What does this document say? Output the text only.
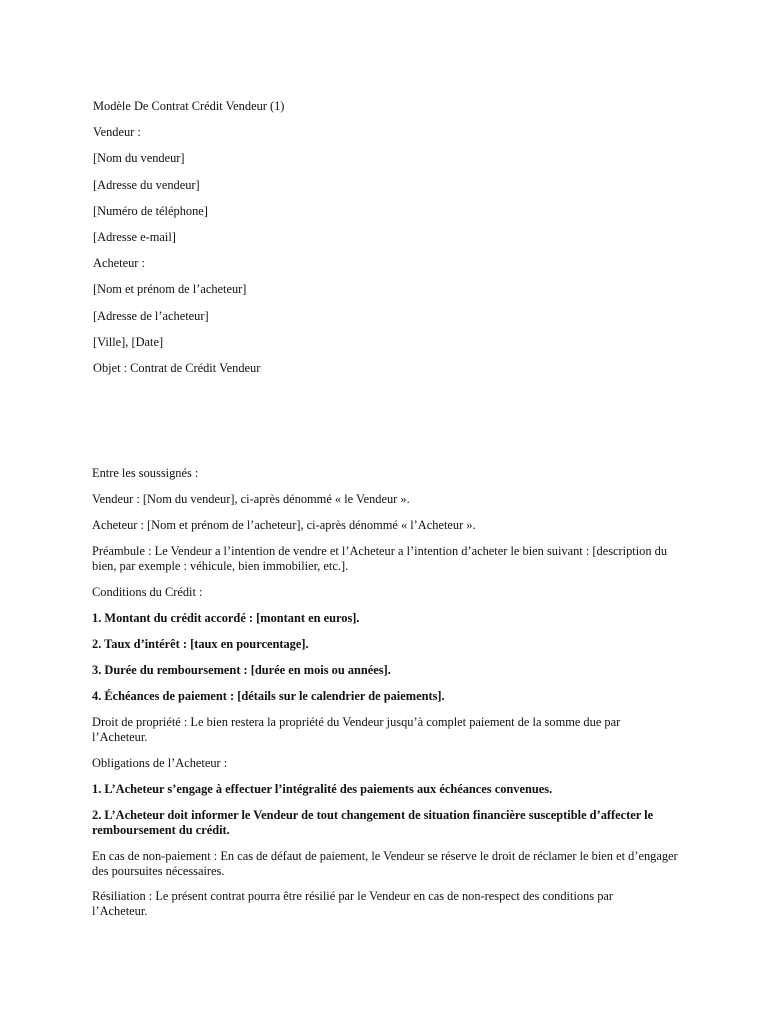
Modèle De Contrat Crédit Vendeur (1)

Vendeur :

[Nom du vendeur]

[Adresse du vendeur]

[Numéro de téléphone]

[Adresse e-mail]

Acheteur :

[Nom et prénom de l’acheteur]

[Adresse de l’acheteur]

[Ville], [Date]

Objet : Contrat de Crédit Vendeur

Entre les soussignés :

Vendeur : [Nom du vendeur], ci-après dénommé « le Vendeur ».

Acheteur : [Nom et prénom de l’acheteur], ci-après dénommé « l’Acheteur ».

Préambule : Le Vendeur a l’intention de vendre et l’Acheteur a l’intention d’acheter le bien suivant : [description du bien, par exemple : véhicule, bien immobilier, etc.].

Conditions du Crédit :

1. Montant du crédit accordé : [montant en euros].

2. Taux d’intérêt : [taux en pourcentage].

3. Durée du remboursement : [durée en mois ou années].

4. Échéances de paiement : [détails sur le calendrier de paiements].

Droit de propriété : Le bien restera la propriété du Vendeur jusqu’à complet paiement de la somme due par l’Acheteur.

Obligations de l’Acheteur :

1. L’Acheteur s’engage à effectuer l’intégralité des paiements aux échéances convenues.

2. L’Acheteur doit informer le Vendeur de tout changement de situation financière susceptible d’affecter le remboursement du crédit.

En cas de non-paiement : En cas de défaut de paiement, le Vendeur se réserve le droit de réclamer le bien et d’engager des poursuites nécessaires.

Résiliation : Le présent contrat pourra être résilié par le Vendeur en cas de non-respect des conditions par l’Acheteur.
